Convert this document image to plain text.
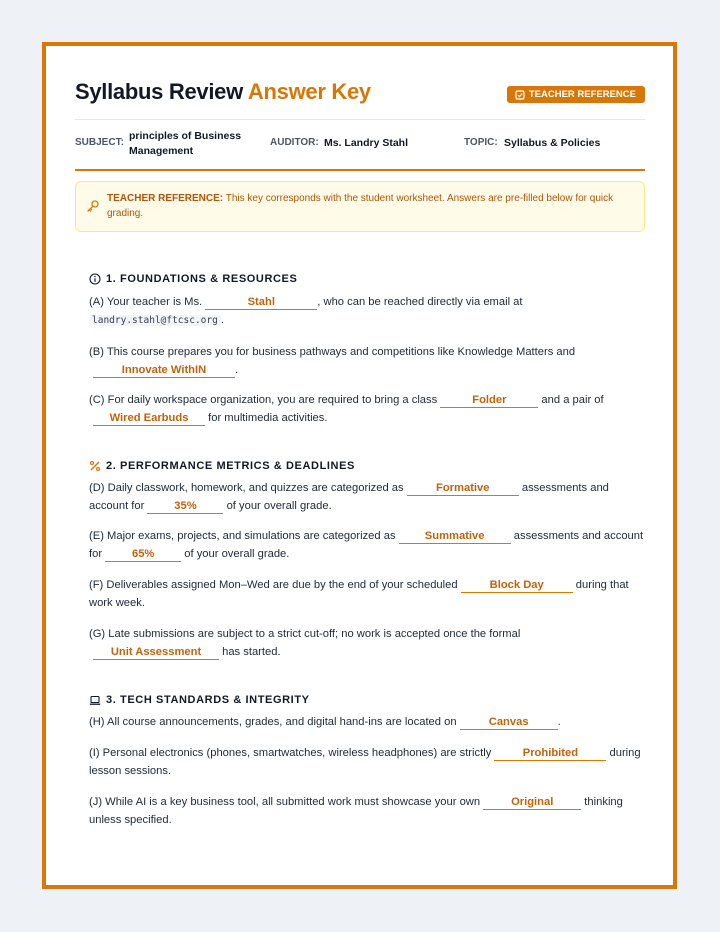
Syllabus Review Answer Key	TEACHER REFERENCE
SUBJECT:
principles of Business Management
AUDITOR: Ms. Landry Stahl	TOPIC: Syllabus & Policies
TEACHER REFERENCE: This key corresponds with the student worksheet. Answers are pre-filled below for quick grading.
1. FOUNDATIONS & RESOURCES
(A) Your teacher is Ms.	Stahl	, who can be reached directly via email at
landry.stahl@ftcsc.org .
(B) This course prepares you for business pathways and competitions like Knowledge Matters and
Innovate WithIN	.
(C) For daily workspace organization, you are required to bring a class	Folder	and a pair of
Wired Earbuds for multimedia activities.
2. PERFORMANCE METRICS & DEADLINES
(D) Daily classwork, homework, and quizzes are categorized as	Formative	assessments and account for 35% of your overall grade.
(E) Major exams, projects, and simulations are categorized as Summative assessments and account for 65% of your overall grade.
(F) Deliverables assigned Mon–Wed are due by the end of your scheduled	Block Day	during that work week.
(G) Late submissions are subject to a strict cut-off; no work is accepted once the formal
Unit Assessment has started.
3. TECH STANDARDS & INTEGRITY
(H) All course announcements, grades, and digital hand-ins are located on	Canvas	.
(I) Personal electronics (phones, smartwatches, wireless headphones) are strictly	Prohibited	during lesson sessions.
(J) While AI is a key business tool, all submitted work must showcase your own Original thinking unless specified.
